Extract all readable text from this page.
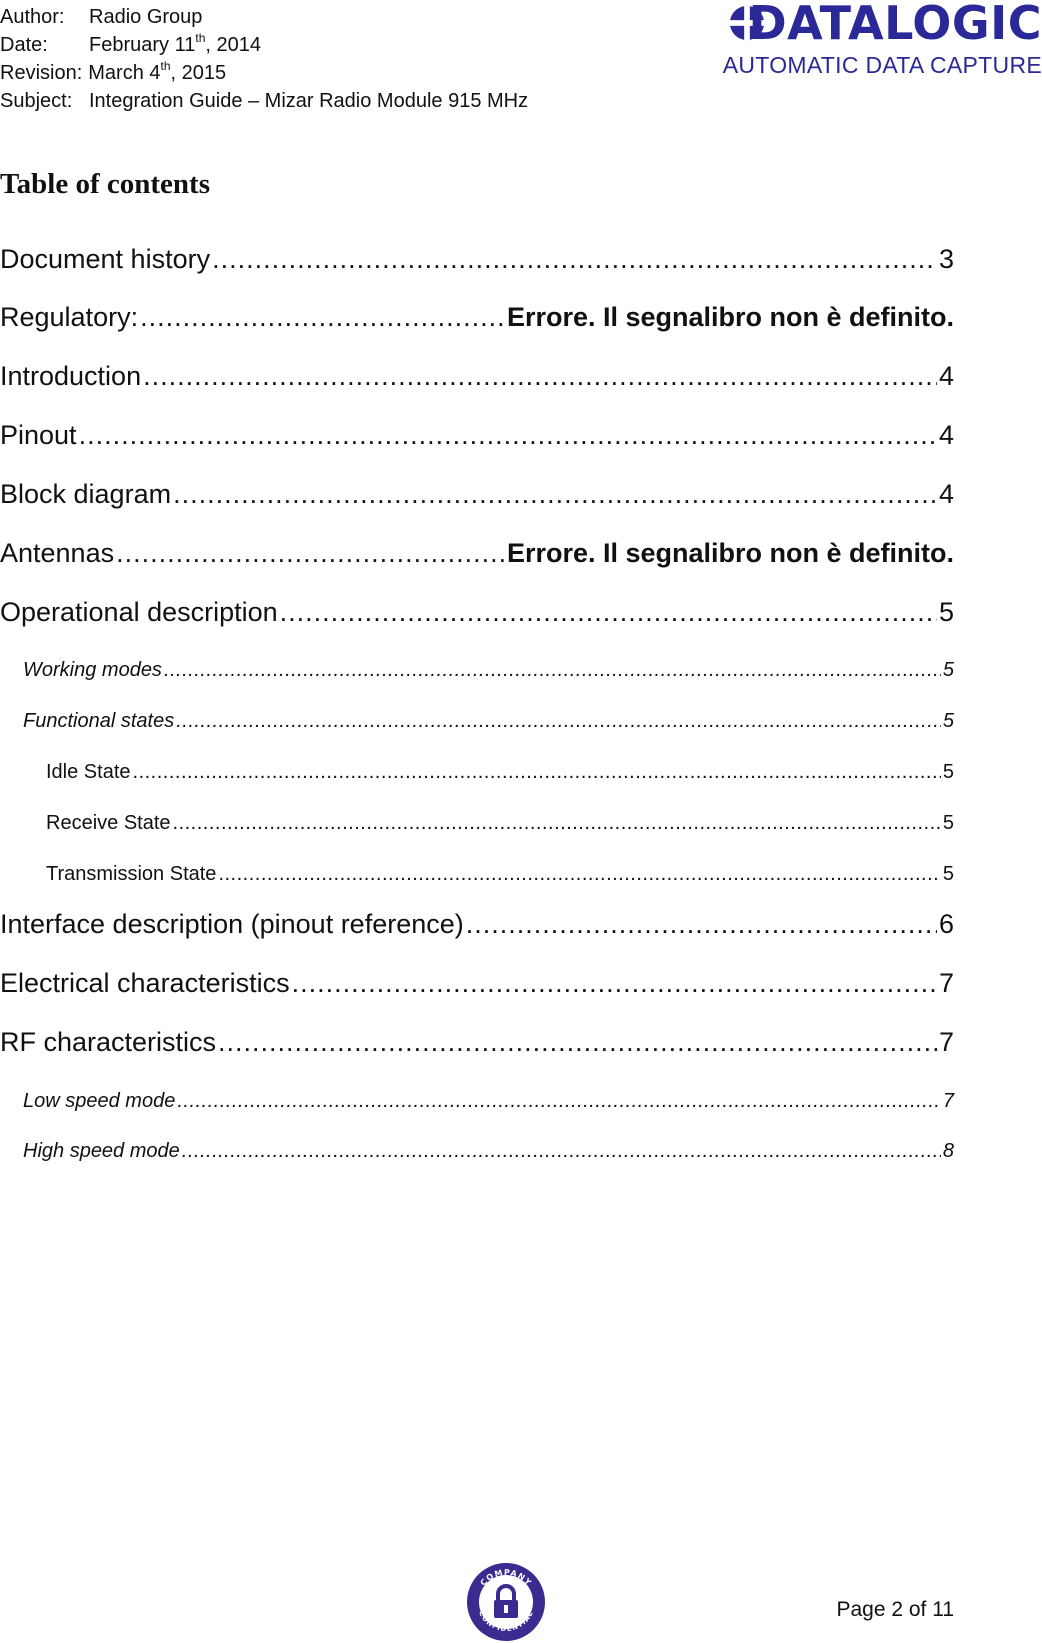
Author:	Radio Group
Date:	February 11th, 2014
Revision: March 4th, 2015
Subject: Integration Guide – Mizar Radio Module 915 MHz
DATALOGIC
AUTOMATIC DATA CAPTURE
Table of contents
Document history .....	3
Regulatory: .....	Errore. Il segnalibro non è definito.
Introduction .....	4
Pinout .....	4
Block diagram .....	4
Antennas .....	Errore. Il segnalibro non è definito.
Operational description .....	5
Working modes .....	5
Functional states .....	5
Idle State .....	5
Receive State .....	5
Transmission State .....	5
Interface description (pinout reference) .....	6
Electrical characteristics .....	7
RF characteristics .....	7
Low speed mode .....	7
High speed mode .....	8
COMPANY
CONFIDENTIAL	Page 2 of 11
